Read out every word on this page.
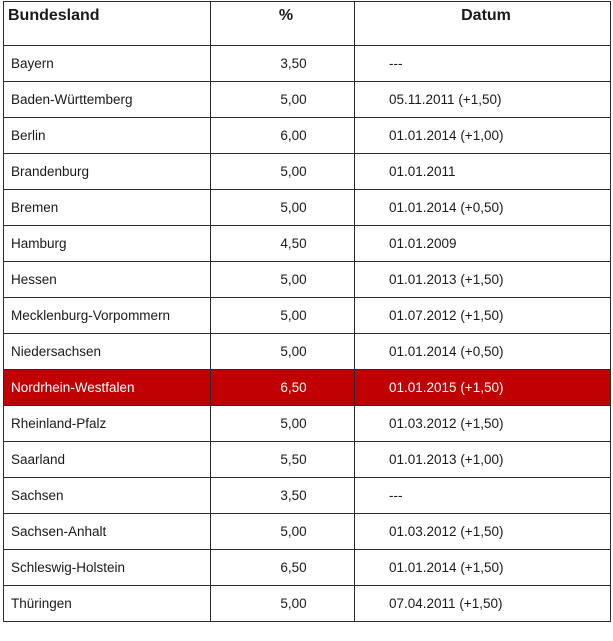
Bundesland	%	Datum
Bayern	3,50	---
Baden-Württemberg	5,00	05.11.2011 (+1,50)
Berlin	6,00	01.01.2014 (+1,00)
Brandenburg	5,00	01.01.2011
Bremen	5,00	01.01.2014 (+0,50)
Hamburg	4,50	01.01.2009
Hessen	5,00	01.01.2013 (+1,50)
Mecklenburg-Vorpommern	5,00	01.07.2012 (+1,50)
Niedersachsen	5,00	01.01.2014 (+0,50)
Nordrhein-Westfalen	6,50	01.01.2015 (+1,50)
Rheinland-Pfalz	5,00	01.03.2012 (+1,50)
Saarland	5,50	01.01.2013 (+1,00)
Sachsen	3,50	---
Sachsen-Anhalt	5,00	01.03.2012 (+1,50)
Schleswig-Holstein	6,50	01.01.2014 (+1,50)
Thüringen	5,00	07.04.2011 (+1,50)
